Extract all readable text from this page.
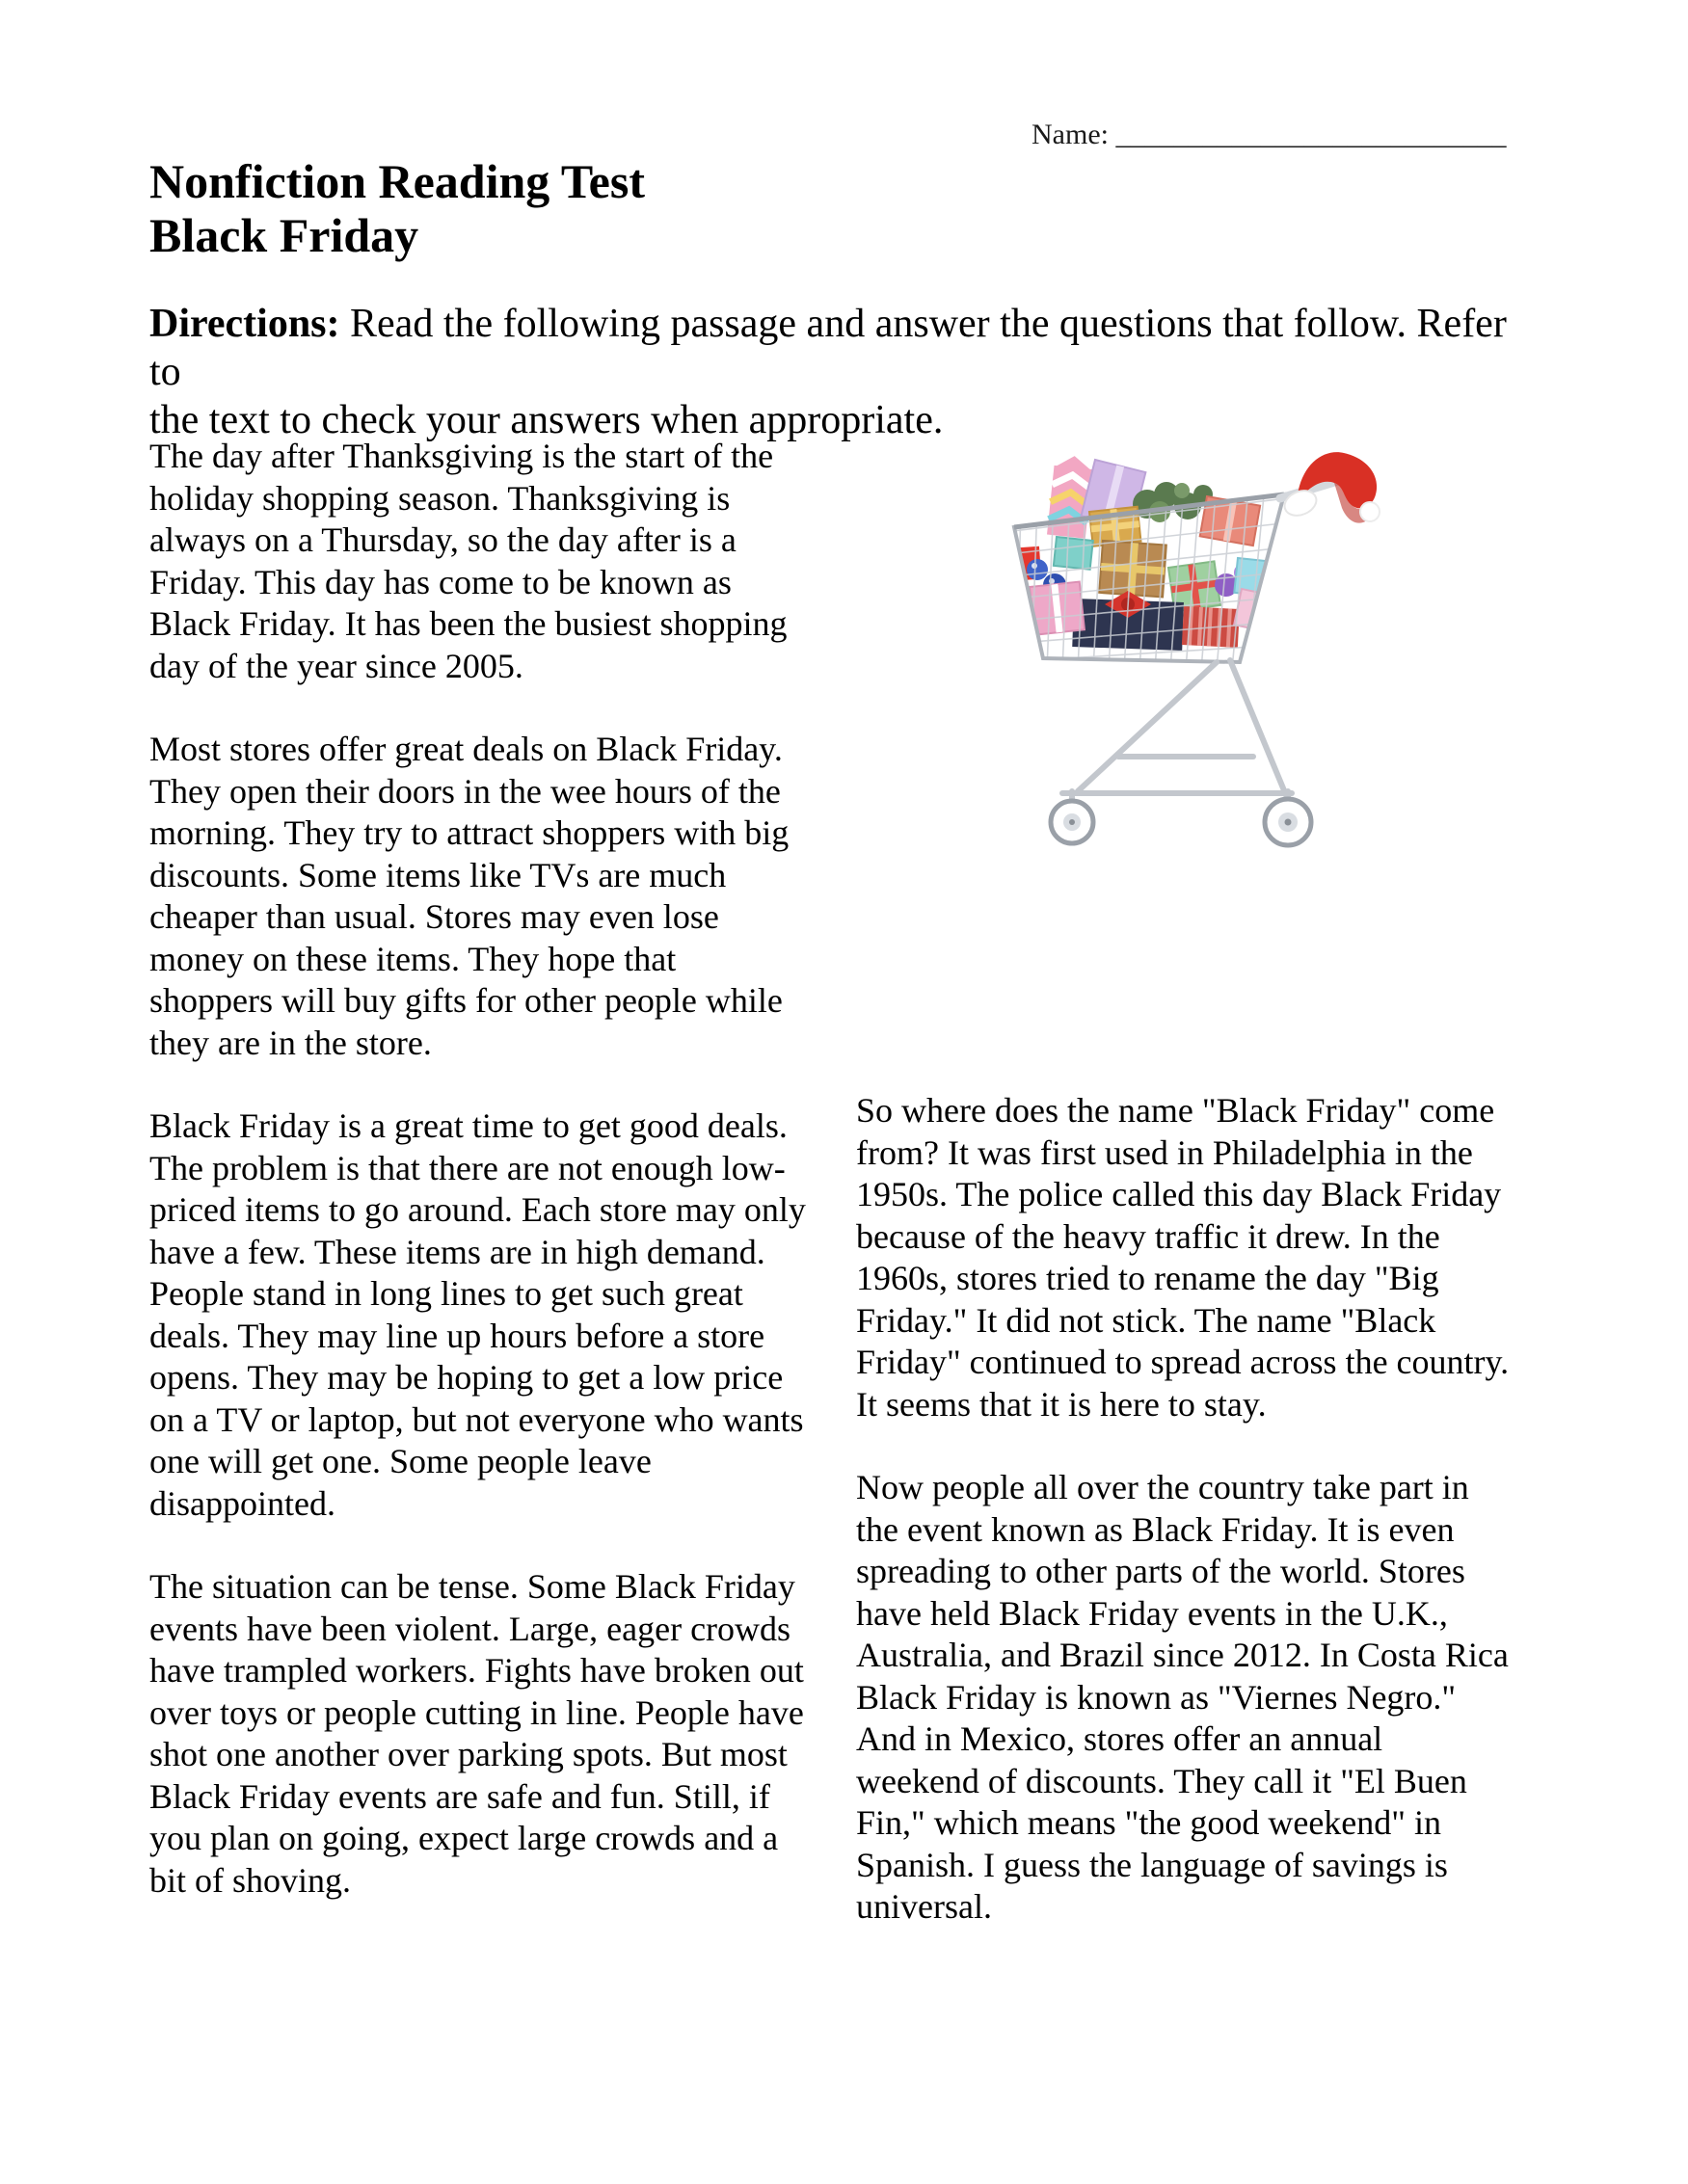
Name: ___________________________
Nonfiction Reading Test
Black Friday
Directions: Read the following passage and answer the questions that follow. Refer to
the text to check your answers when appropriate.

The day after Thanksgiving is the start of the
holiday shopping season. Thanksgiving is
always on a Thursday, so the day after is a
Friday. This day has come to be known as
Black Friday. It has been the busiest shopping
day of the year since 2005.

Most stores offer great deals on Black Friday.
They open their doors in the wee hours of the
morning. They try to attract shoppers with big
discounts. Some items like TVs are much
cheaper than usual. Stores may even lose
money on these items. They hope that
shoppers will buy gifts for other people while
they are in the store.

Black Friday is a great time to get good deals.
The problem is that there are not enough low-
priced items to go around. Each store may only
have a few. These items are in high demand.
People stand in long lines to get such great
deals. They may line up hours before a store
opens. They may be hoping to get a low price
on a TV or laptop, but not everyone who wants
one will get one. Some people leave
disappointed.

The situation can be tense. Some Black Friday
events have been violent. Large, eager crowds
have trampled workers. Fights have broken out
over toys or people cutting in line. People have
shot one another over parking spots. But most
Black Friday events are safe and fun. Still, if
you plan on going, expect large crowds and a
bit of shoving.

So where does the name "Black Friday" come
from? It was first used in Philadelphia in the
1950s. The police called this day Black Friday
because of the heavy traffic it drew. In the
1960s, stores tried to rename the day "Big
Friday." It did not stick. The name "Black
Friday" continued to spread across the country.
It seems that it is here to stay.

Now people all over the country take part in
the event known as Black Friday. It is even
spreading to other parts of the world. Stores
have held Black Friday events in the U.K.,
Australia, and Brazil since 2012. In Costa Rica
Black Friday is known as "Viernes Negro."
And in Mexico, stores offer an annual
weekend of discounts. They call it "El Buen
Fin," which means "the good weekend" in
Spanish. I guess the language of savings is
universal.
